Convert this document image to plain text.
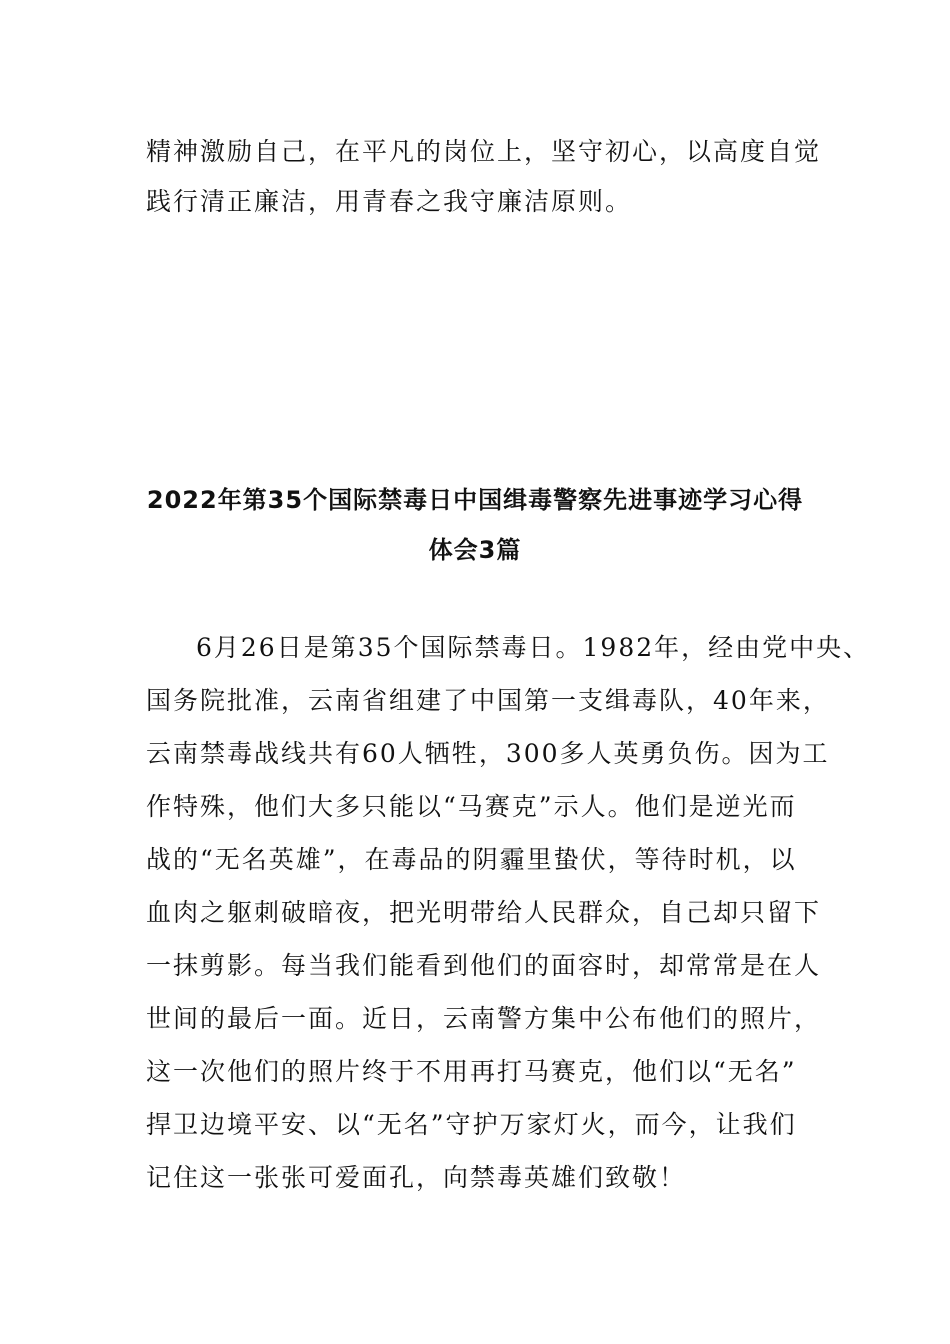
精神激励自己，在平凡的岗位上，坚守初心，以高度自觉
践行清正廉洁，用青春之我守廉洁原则。
2022年第35个国际禁毒日中国缉毒警察先进事迹学习心得
体会3篇
6月26日是第35个国际禁毒日。1982年，经由党中央、
国务院批准，云南省组建了中国第一支缉毒队，40年来，
云南禁毒战线共有60人牺牲，300多人英勇负伤。因为工
作特殊，他们大多只能以“马赛克”示人。他们是逆光而
战的“无名英雄”，在毒品的阴霾里蛰伏，等待时机，以
血肉之躯刺破暗夜，把光明带给人民群众，自己却只留下
一抹剪影。每当我们能看到他们的面容时，却常常是在人
世间的最后一面。近日，云南警方集中公布他们的照片，
这一次他们的照片终于不用再打马赛克，他们以“无名”
捍卫边境平安、以“无名”守护万家灯火，而今，让我们
记住这一张张可爱面孔，向禁毒英雄们致敬！
